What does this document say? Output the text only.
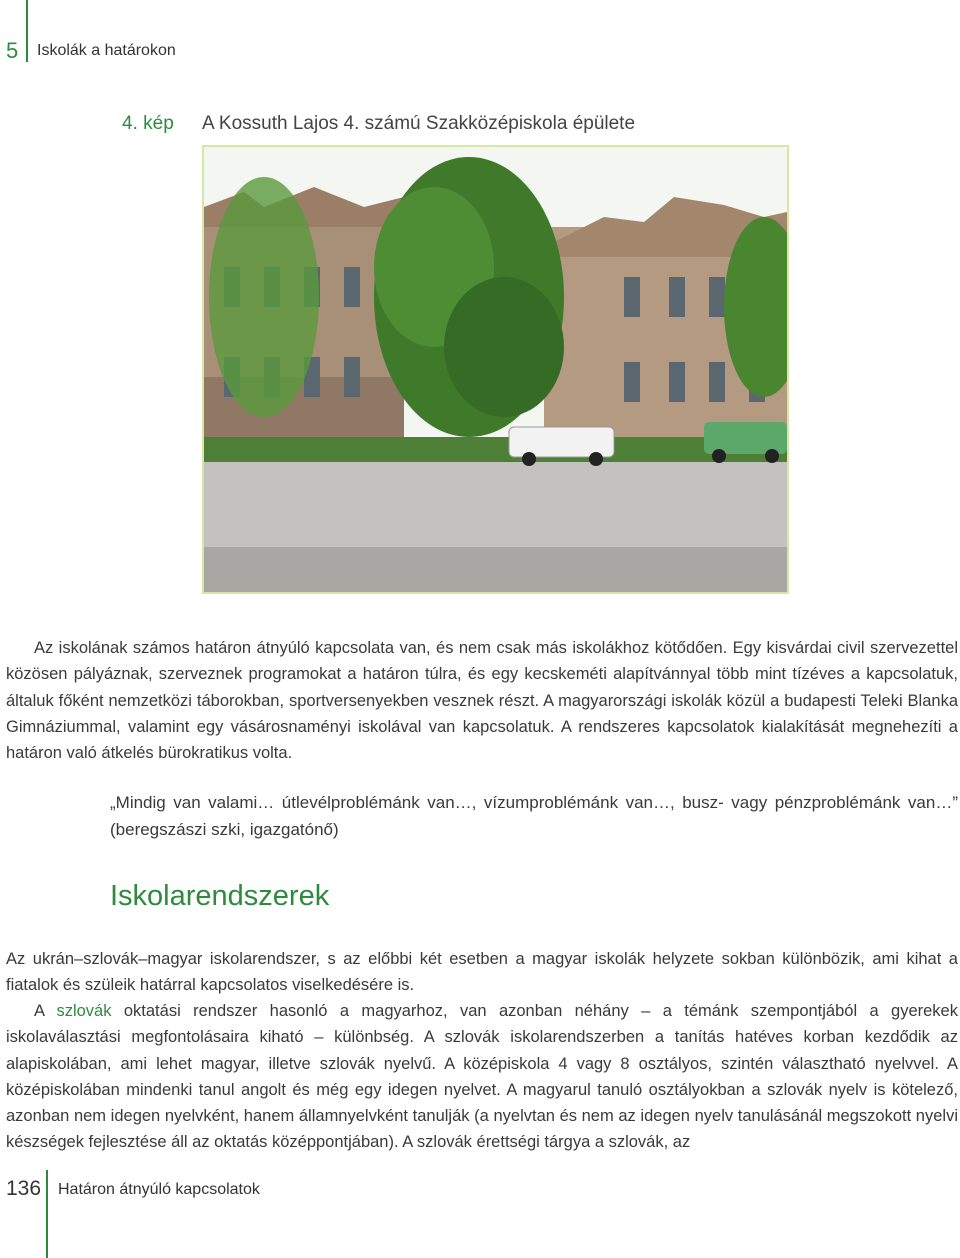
5 Iskolák a határokon
4. kép A Kossuth Lajos 4. számú Szakközépiskola épülete

Az iskolának számos határon átnyúló kapcsolata van, és nem csak más iskolákhoz kötődően. Egy kisvárdai civil szervezettel közösen pályáznak, szerveznek programokat a határon túlra, és egy kecskeméti alapítvánnyal több mint tízéves a kapcsolatuk, általuk főként nemzetközi táborokban, sportversenyekben vesznek részt. A magyarországi iskolák közül a budapesti Teleki Blanka Gimnáziummal, valamint egy vásárosnaményi iskolával van kapcsolatuk. A rendszeres kapcsolatok kialakítását megnehezíti a határon való átkelés bürokratikus volta.

„Mindig van valami… útlevélproblémánk van…, vízumproblémánk van…, busz- vagy pénzproblémánk van…” (beregszászi szki, igazgatónő)

Iskolarendszerek

Az ukrán–szlovák–magyar iskolarendszer, s az előbbi két esetben a magyar iskolák helyzete sokban különbözik, ami kihat a fiatalok és szüleik határral kapcsolatos viselkedésére is.

A szlovák oktatási rendszer hasonló a magyarhoz, van azonban néhány – a témánk szempontjából a gyerekek iskolaválasztási megfontolásaira kiható – különbség. A szlovák iskolarendszerben a tanítás hatéves korban kezdődik az alapiskolában, ami lehet magyar, illetve szlovák nyelvű. A középiskola 4 vagy 8 osztályos, szintén választható nyelvvel. A középiskolában mindenki tanul angolt és még egy idegen nyelvet. A magyarul tanuló osztályokban a szlovák nyelv is kötelező, azonban nem idegen nyelvként, hanem államnyelvként tanulják (a nyelvtan és nem az idegen nyelv tanulásánál megszokott nyelvi készségek fejlesztése áll az oktatás középpontjában). A szlovák érettségi tárgya a szlovák, az

136 Határon átnyúló kapcsolatok
